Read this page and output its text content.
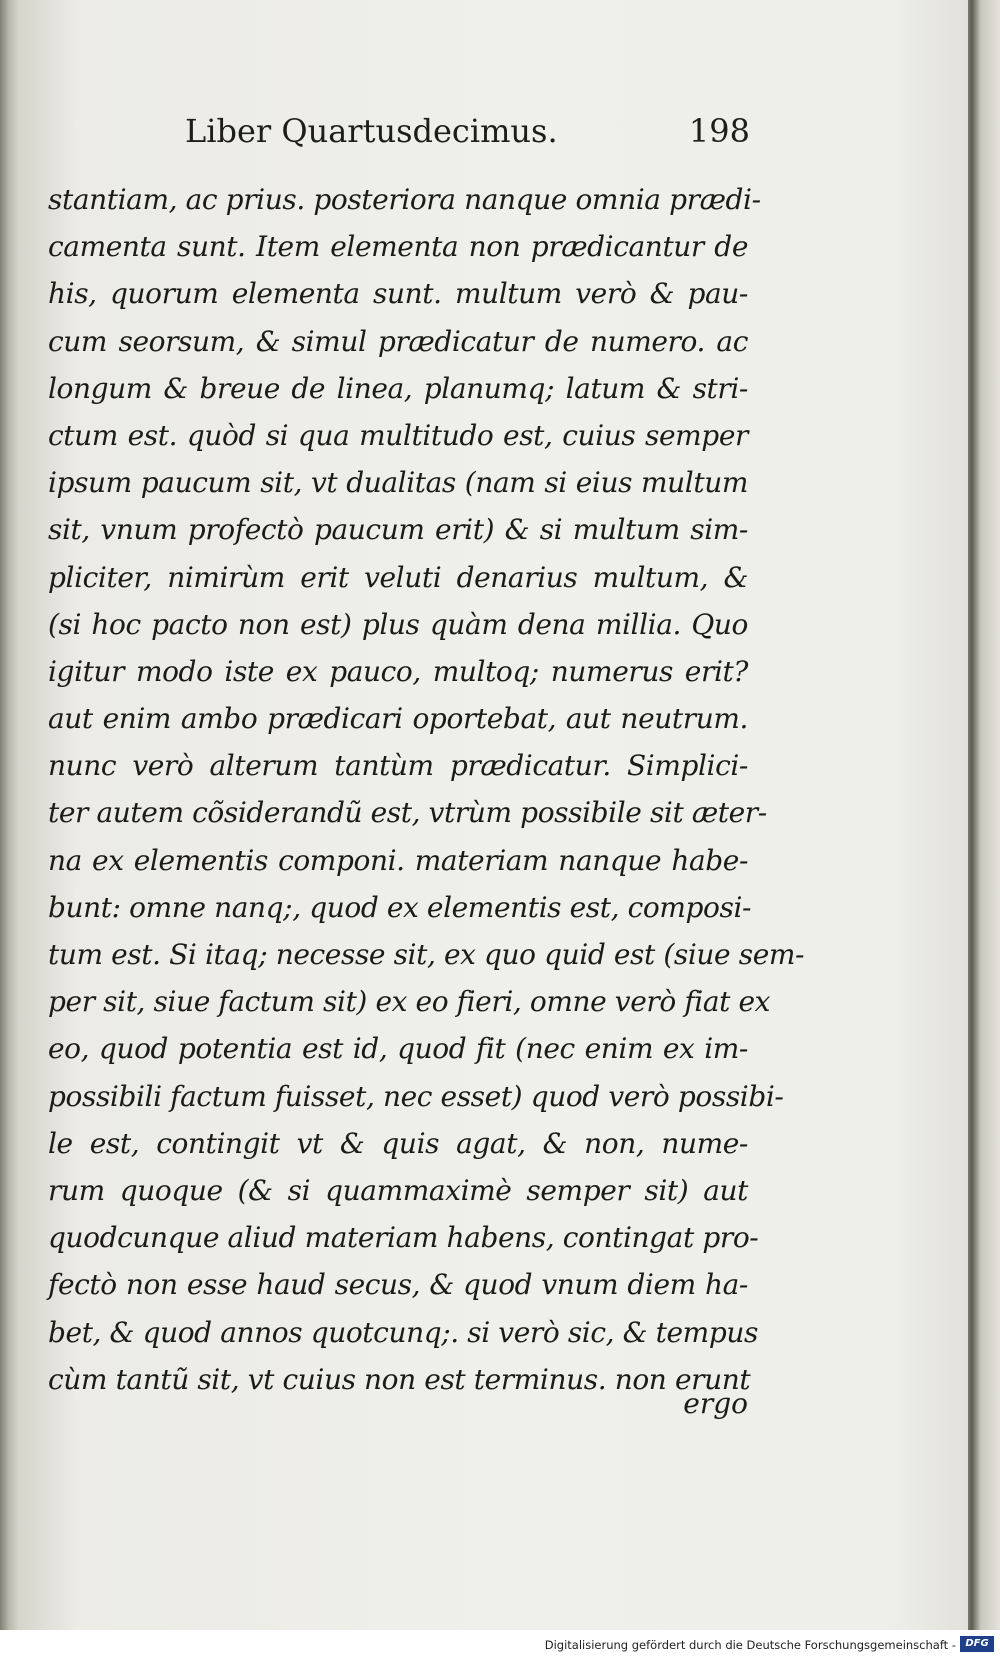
Liber Quartusdecimus.	198
stantiam, ac prius. posteriora nanque omnia prædi-
camenta sunt. Item elementa non prædicantur de
his, quorum elementa sunt. multum verò & pau-
cum seorsum, & simul prædicatur de numero. ac
longum & breue de linea, planumq; latum & stri-
ctum est. quòd si qua multitudo est, cuius semper
ipsum paucum sit, vt dualitas (nam si eius multum
sit, vnum profectò paucum erit) & si multum sim-
pliciter, nimirùm erit veluti denarius multum, &
(si hoc pacto non est) plus quàm dena millia. Quo
igitur modo iste ex pauco, multoq; numerus erit?
aut enim ambo prædicari oportebat, aut neutrum.
nunc verò alterum tantùm prædicatur. Simplici-
ter autem cõsiderandũ est, vtrùm possibile sit æter-
na ex elementis componi. materiam nanque habe-
bunt: omne nanq;, quod ex elementis est, composi-
tum est. Si itaq; necesse sit, ex quo quid est (siue sem-
per sit, siue factum sit) ex eo fieri, omne verò fiat ex
eo, quod potentia est id, quod fit (nec enim ex im-
possibili factum fuisset, nec esset) quod verò possibi-
le est, contingit vt & quis agat, & non, nume-
rum quoque (& si quammaximè semper sit) aut
quodcunque aliud materiam habens, contingat pro-
fectò non esse haud secus, & quod vnum diem ha-
bet, & quod annos quotcunq;. si verò sic, & tempus
cùm tantũ sit, vt cuius non est terminus. non erunt
ergo
Digitalisierung gefördert durch die Deutsche Forschungsgemeinschaft - DFG
